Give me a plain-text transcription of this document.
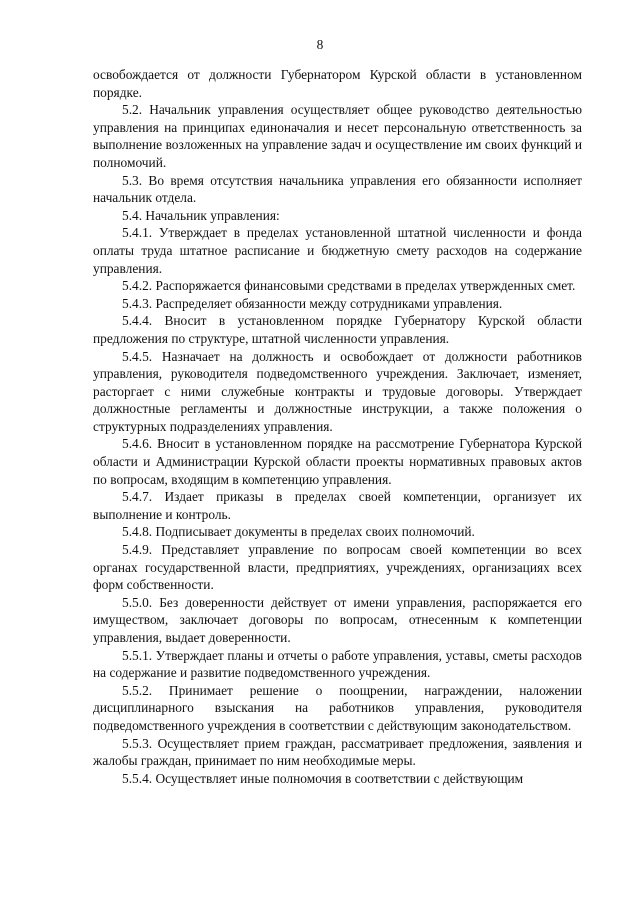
8

освобождается от должности Губернатором Курской области в установленном порядке.

5.2. Начальник управления осуществляет общее руководство деятельностью управления на принципах единоначалия и несет персональную ответственность за выполнение возложенных на управление задач и осуществление им своих функций и полномочий.

5.3. Во время отсутствия начальника управления его обязанности исполняет начальник отдела.

5.4. Начальник управления:

5.4.1. Утверждает в пределах установленной штатной численности и фонда оплаты труда штатное расписание и бюджетную смету расходов на содержание управления.

5.4.2. Распоряжается финансовыми средствами в пределах утвержденных смет.

5.4.3. Распределяет обязанности между сотрудниками управления.

5.4.4. Вносит в установленном порядке Губернатору Курской области предложения по структуре, штатной численности управления.

5.4.5. Назначает на должность и освобождает от должности работников управления, руководителя подведомственного учреждения. Заключает, изменяет, расторгает с ними служебные контракты и трудовые договоры. Утверждает должностные регламенты и должностные инструкции, а также положения о структурных подразделениях управления.

5.4.6. Вносит в установленном порядке на рассмотрение Губернатора Курской области и Администрации Курской области проекты нормативных правовых актов по вопросам, входящим в компетенцию управления.

5.4.7. Издает приказы в пределах своей компетенции, организует их выполнение и контроль.

5.4.8. Подписывает документы в пределах своих полномочий.

5.4.9. Представляет управление по вопросам своей компетенции во всех органах государственной власти, предприятиях, учреждениях, организациях всех форм собственности.

5.5.0. Без доверенности действует от имени управления, распоряжается его имуществом, заключает договоры по вопросам, отнесенным к компетенции управления, выдает доверенности.

5.5.1. Утверждает планы и отчеты о работе управления, уставы, сметы расходов на содержание и развитие подведомственного учреждения.

5.5.2. Принимает решение о поощрении, награждении, наложении дисциплинарного взыскания на работников управления, руководителя подведомственного учреждения в соответствии с действующим законодательством.

5.5.3. Осуществляет прием граждан, рассматривает предложения, заявления и жалобы граждан, принимает по ним необходимые меры.

5.5.4. Осуществляет иные полномочия в соответствии с действующим
